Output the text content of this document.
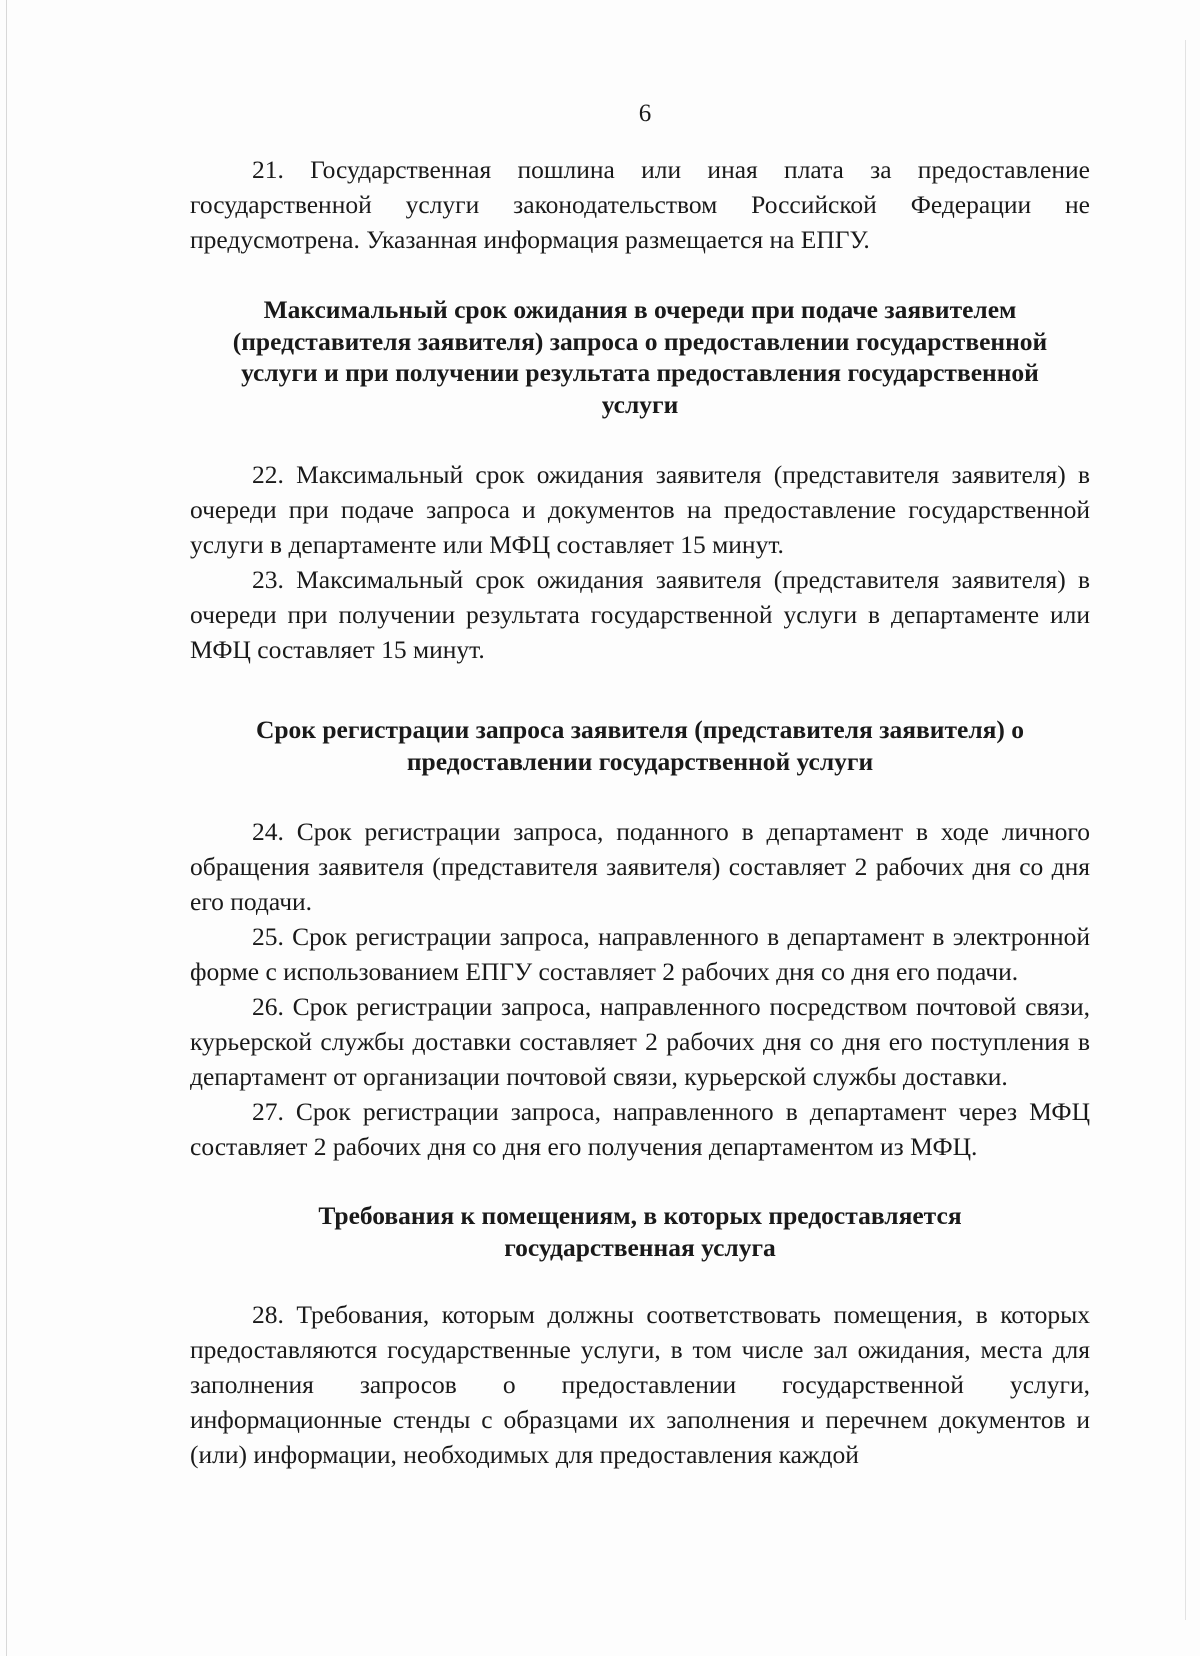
6

21. Государственная пошлина или иная плата за предоставление государственной услуги законодательством Российской Федерации не предусмотрена. Указанная информация размещается на ЕПГУ.

Максимальный срок ожидания в очереди при подаче заявителем (представителя заявителя) запроса о предоставлении государственной услуги и при получении результата предоставления государственной услуги

22. Максимальный срок ожидания заявителя (представителя заявителя) в очереди при подаче запроса и документов на предоставление государственной услуги в департаменте или МФЦ составляет 15 минут.

23. Максимальный срок ожидания заявителя (представителя заявителя) в очереди при получении результата государственной услуги в департаменте или МФЦ составляет 15 минут.

Срок регистрации запроса заявителя (представителя заявителя) о предоставлении государственной услуги

24. Срок регистрации запроса, поданного в департамент в ходе личного обращения заявителя (представителя заявителя) составляет 2 рабочих дня со дня его подачи.

25. Срок регистрации запроса, направленного в департамент в электронной форме с использованием ЕПГУ составляет 2 рабочих дня со дня его подачи.

26. Срок регистрации запроса, направленного посредством почтовой связи, курьерской службы доставки составляет 2 рабочих дня со дня его поступления в департамент от организации почтовой связи, курьерской службы доставки.

27. Срок регистрации запроса, направленного в департамент через МФЦ составляет 2 рабочих дня со дня его получения департаментом из МФЦ.

Требования к помещениям, в которых предоставляется государственная услуга

28. Требования, которым должны соответствовать помещения, в которых предоставляются государственные услуги, в том числе зал ожидания, места для заполнения запросов о предоставлении государственной услуги, информационные стенды с образцами их заполнения и перечнем документов и (или) информации, необходимых для предоставления каждой
